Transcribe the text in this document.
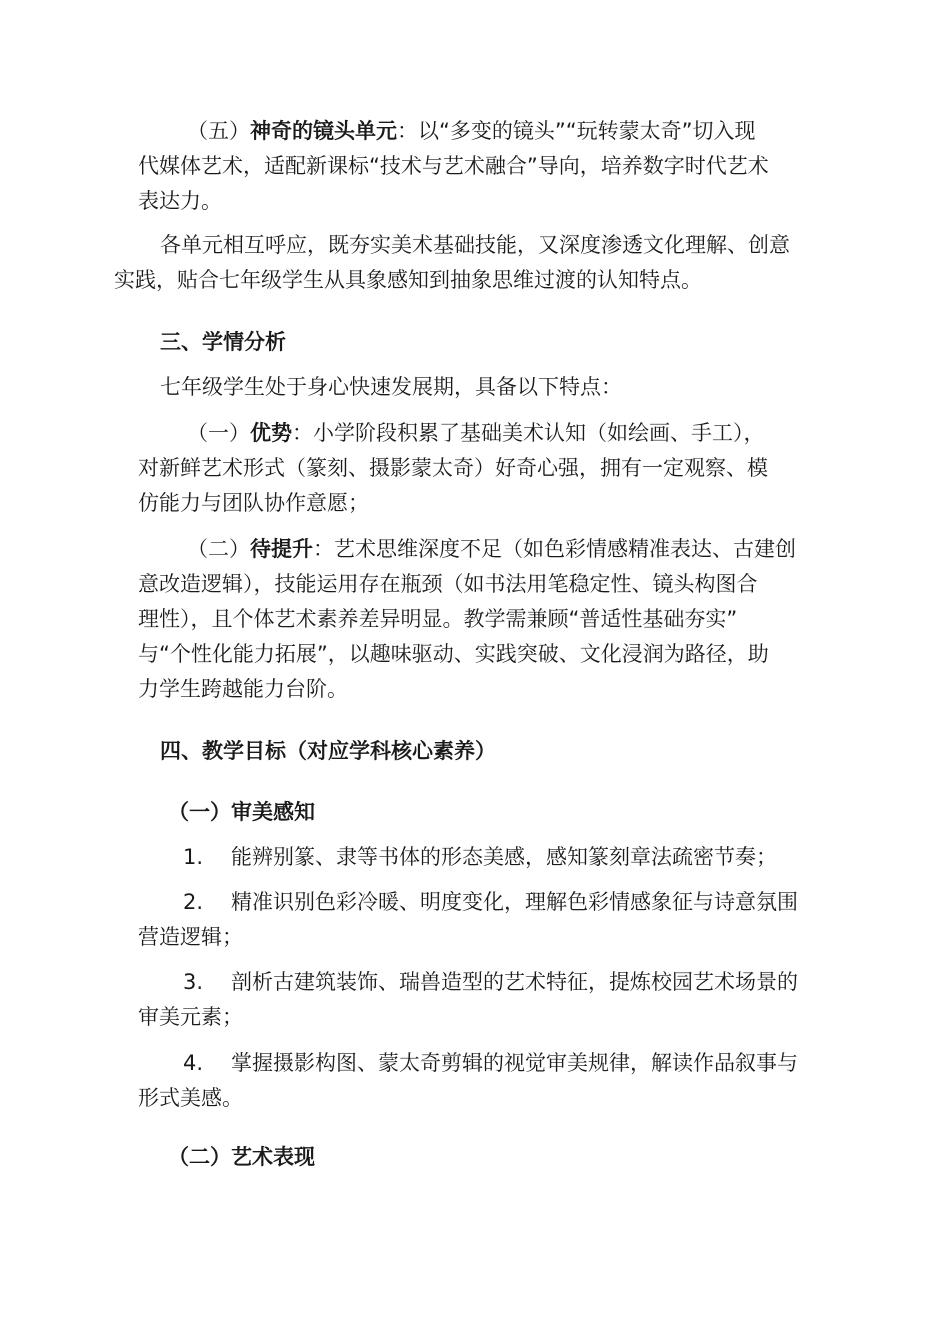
（五）神奇的镜头单元：以“多变的镜头”“玩转蒙太奇”切入现
代媒体艺术，适配新课标“技术与艺术融合”导向，培养数字时代艺术
表达力。
各单元相互呼应，既夯实美术基础技能，又深度渗透文化理解、创意
实践，贴合七年级学生从具象感知到抽象思维过渡的认知特点。
三、学情分析
七年级学生处于身心快速发展期，具备以下特点：
（一）优势：小学阶段积累了基础美术认知（如绘画、手工），
对新鲜艺术形式（篆刻、摄影蒙太奇）好奇心强，拥有一定观察、模
仿能力与团队协作意愿；
（二）待提升：艺术思维深度不足（如色彩情感精准表达、古建创
意改造逻辑），技能运用存在瓶颈（如书法用笔稳定性、镜头构图合
理性），且个体艺术素养差异明显。教学需兼顾“普适性基础夯实”
与“个性化能力拓展”，以趣味驱动、实践突破、文化浸润为路径，助
力学生跨越能力台阶。
四、教学目标（对应学科核心素养）
（一）审美感知
1. 能辨别篆、隶等书体的形态美感，感知篆刻章法疏密节奏；
2. 精准识别色彩冷暖、明度变化，理解色彩情感象征与诗意氛围
营造逻辑；
3. 剖析古建筑装饰、瑞兽造型的艺术特征，提炼校园艺术场景的
审美元素；
4. 掌握摄影构图、蒙太奇剪辑的视觉审美规律，解读作品叙事与
形式美感。
（二）艺术表现
